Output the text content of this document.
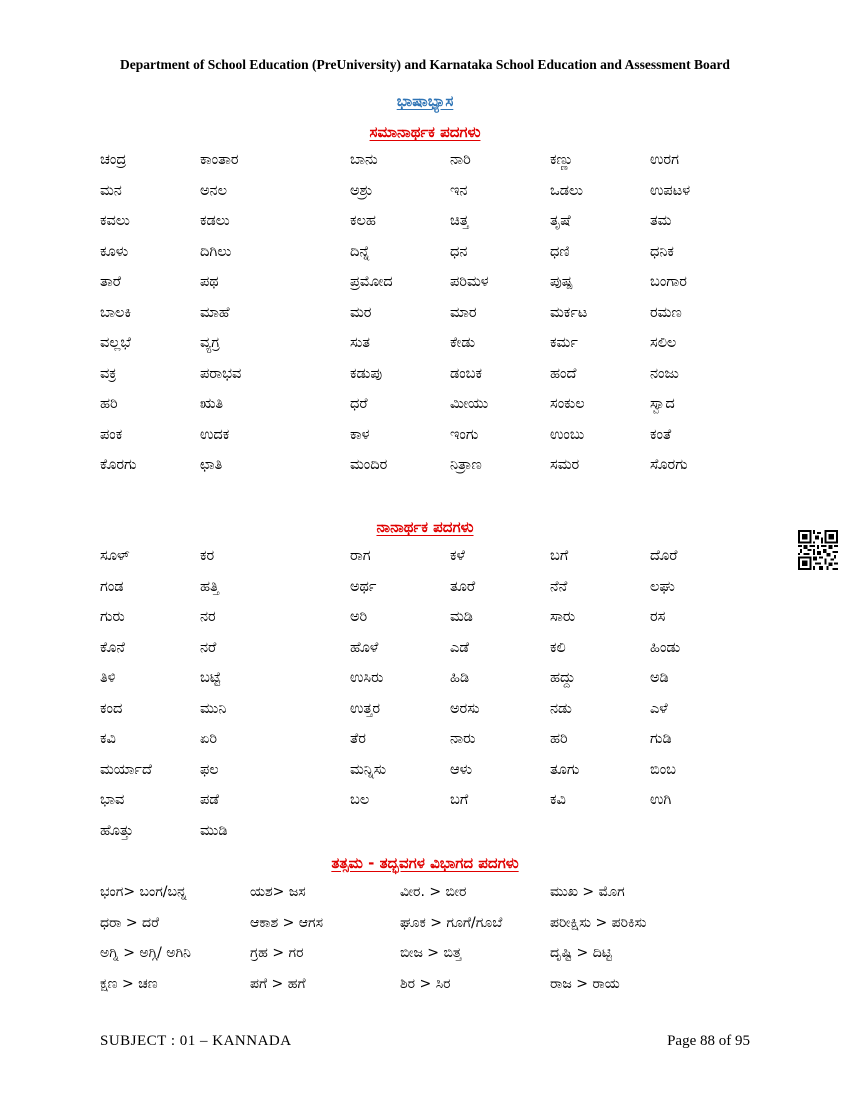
Department of School Education (PreUniversity) and Karnataka School Education and Assessment Board
ಭಾಷಾಭ್ಯಾಸ
ಸಮಾನಾರ್ಥಕ ಪದಗಳು
ಚಂದ್ರ	ಕಾಂತಾರ	ಬಾನು	ನಾರಿ	ಕಣ್ಣು	ಉರಗ
ಮನ	ಅನಲ	ಅಶ್ರು	ಇನ	ಒಡಲು	ಉಪಟಳ
ಕವಲು	ಕಡಲು	ಕಲಹ	ಚಿತ್ತ	ತೃಷೆ	ತಮ
ಕೂಳು	ದಿಗಿಲು	ದಿನ್ನೆ	ಧನ	ಧಣಿ	ಧನಿಕ
ತಾರೆ	ಪಥ	ಪ್ರಮೋದ	ಪರಿಮಳ	ಪುಷ್ಪ	ಬಂಗಾರ
ಬಾಲಕಿ	ಮಾಹೆ	ಮರ	ಮಾರ	ಮರ್ಕಟ	ರಮಣ
ವಲ್ಲಭೆ	ವ್ಯಗ್ರ	ಸುತ	ಕೇಡು	ಕರ್ಮ	ಸಲಿಲ
ವಕ್ರ	ಪರಾಭವ	ಕಡುಪು	ಡಂಬಕ	ಹಂದೆ	ನಂಜು
ಹರಿ	ಋತಿ	ಧರೆ	ಮೀಯು	ಸಂಕುಲ	ಸ್ವಾದ
ಪಂಕ	ಉದಕ	ಕಾಳ	ಇಂಗು	ಉಂಬು	ಕಂತೆ
ಕೊರಗು	ಛಾತಿ	ಮಂದಿರ	ನಿತ್ರಾಣ	ಸಮರ	ಸೊರಗು
ನಾನಾರ್ಥಕ ಪದಗಳು
ಸೂಳ್	ಕರ	ರಾಗ	ಕಳೆ	ಬಗೆ	ದೊರೆ
ಗಂಡ	ಹತ್ತಿ	ಅರ್ಥ	ತೂರೆ	ನೆನೆ	ಲಘು
ಗುರು	ನರ	ಅರಿ	ಮಡಿ	ಸಾರು	ರಸ
ಕೊನೆ	ನರೆ	ಹೊಳೆ	ಎಡೆ	ಕಲಿ	ಹಿಂಡು
ತಿಳಿ	ಬಟ್ಟೆ	ಉಸಿರು	ಹಿಡಿ	ಹದ್ದು	ಅಡಿ
ಕಂದ	ಮುನಿ	ಉತ್ತರ	ಅರಸು	ನಡು	ಎಳೆ
ಕವಿ	ಏರಿ	ತೆರ	ನಾರು	ಹರಿ	ಗುಡಿ
ಮರ್ಯಾದೆ	ಫಲ	ಮನ್ನಿಸು	ಆಳು	ತೂಗು	ಬಿಂಬ
ಭಾವ	ಪಡೆ	ಬಲ	ಬಗೆ	ಕವಿ	ಉಗಿ
ಹೊತ್ತು	ಮುಡಿ
ತತ್ಸಮ - ತದ್ಭವಗಳ ವಿಭಾಗದ ಪದಗಳು
ಭಂಗ> ಬಂಗ/ಬನ್ನ	ಯಶ> ಜಸ	ವೀರ. > ಬೀರ	ಮುಖ > ಮೊಗ
ಧರಾ > ದರೆ	ಆಕಾಶ > ಆಗಸ	ಘೂಕ > ಗೂಗೆ/ಗೂಬೆ	ಪರೀಕ್ಷಿಸು > ಪರಿಕಿಸು
ಅಗ್ನಿ > ಅಗ್ಗಿ/ ಅಗಿನಿ	ಗ್ರಹ > ಗರ	ಬೀಜ > ಬಿತ್ತ	ದೃಷ್ಟಿ > ದಿಟ್ಟಿ
ಕ್ಷಣ > ಚಣ	ಪಗೆ > ಹಗೆ	ಶಿರ > ಸಿರ	ರಾಜ > ರಾಯ
SUBJECT : 01 – KANNADA	Page 88 of 95
